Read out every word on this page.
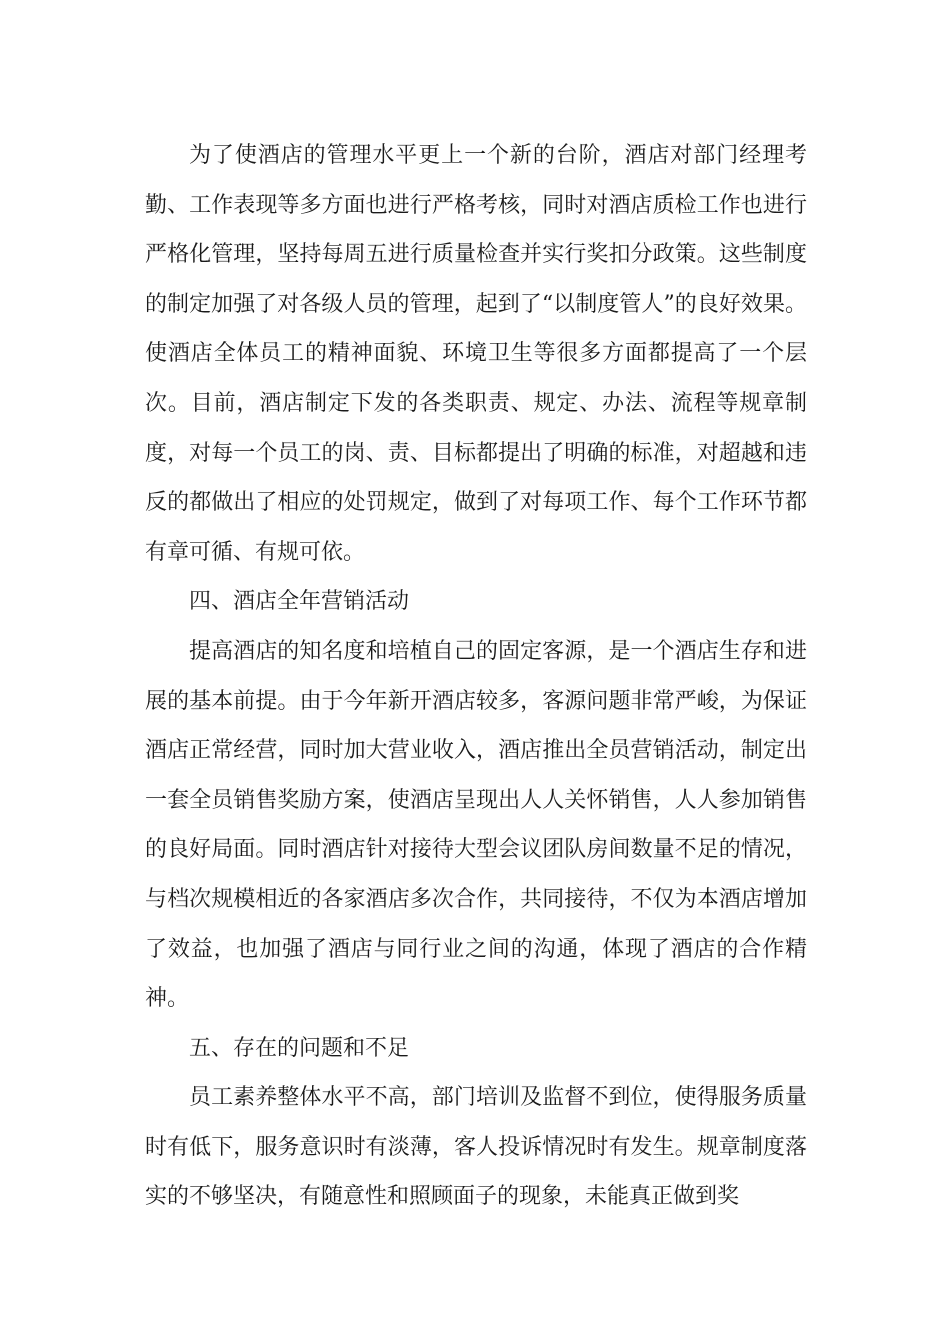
为了使酒店的管理水平更上一个新的台阶，酒店对部门经理考勤、工作表现等多方面也进行严格考核，同时对酒店质检工作也进行严格化管理，坚持每周五进行质量检查并实行奖扣分政策。这些制度的制定加强了对各级人员的管理，起到了“以制度管人”的良好效果。使酒店全体员工的精神面貌、环境卫生等很多方面都提高了一个层次。目前，酒店制定下发的各类职责、规定、办法、流程等规章制度，对每一个员工的岗、责、目标都提出了明确的标准，对超越和违反的都做出了相应的处罚规定，做到了对每项工作、每个工作环节都有章可循、有规可依。

四、酒店全年营销活动

提高酒店的知名度和培植自己的固定客源，是一个酒店生存和进展的基本前提。由于今年新开酒店较多，客源问题非常严峻，为保证酒店正常经营，同时加大营业收入，酒店推出全员营销活动，制定出一套全员销售奖励方案，使酒店呈现出人人关怀销售，人人参加销售的良好局面。同时酒店针对接待大型会议团队房间数量不足的情况，与档次规模相近的各家酒店多次合作，共同接待，不仅为本酒店增加了效益，也加强了酒店与同行业之间的沟通，体现了酒店的合作精神。

五、存在的问题和不足

员工素养整体水平不高，部门培训及监督不到位，使得服务质量时有低下，服务意识时有淡薄，客人投诉情况时有发生。规章制度落实的不够坚决，有随意性和照顾面子的现象，未能真正做到奖
